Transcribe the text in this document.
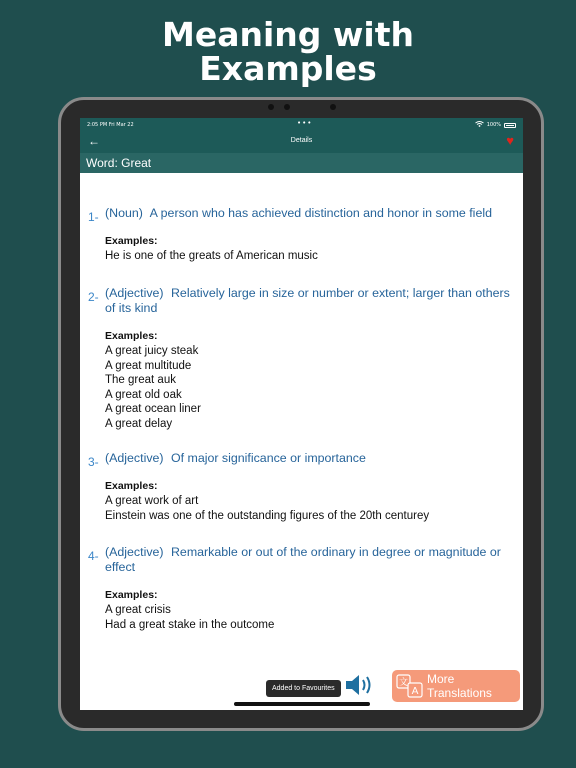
Meaning with
Examples
2:05 PM Fri Mar 22	•••	100%
←	Details	♥
Word: Great
1- (Noun) A person who has achieved distinction and honor in some field
Examples:
He is one of the greats of American music
2- (Adjective) Relatively large in size or number or extent; larger than others of its kind
Examples:
A great juicy steak
A great multitude
The great auk
A great old oak
A great ocean liner
A great delay
3- (Adjective) Of major significance or importance
Examples:
A great work of art
Einstein was one of the outstanding figures of the 20th centurey
4- (Adjective) Remarkable or out of the ordinary in degree or magnitude or effect
Examples:
A great crisis
Had a great stake in the outcome
Added to Favourites
文
A
More Translations
